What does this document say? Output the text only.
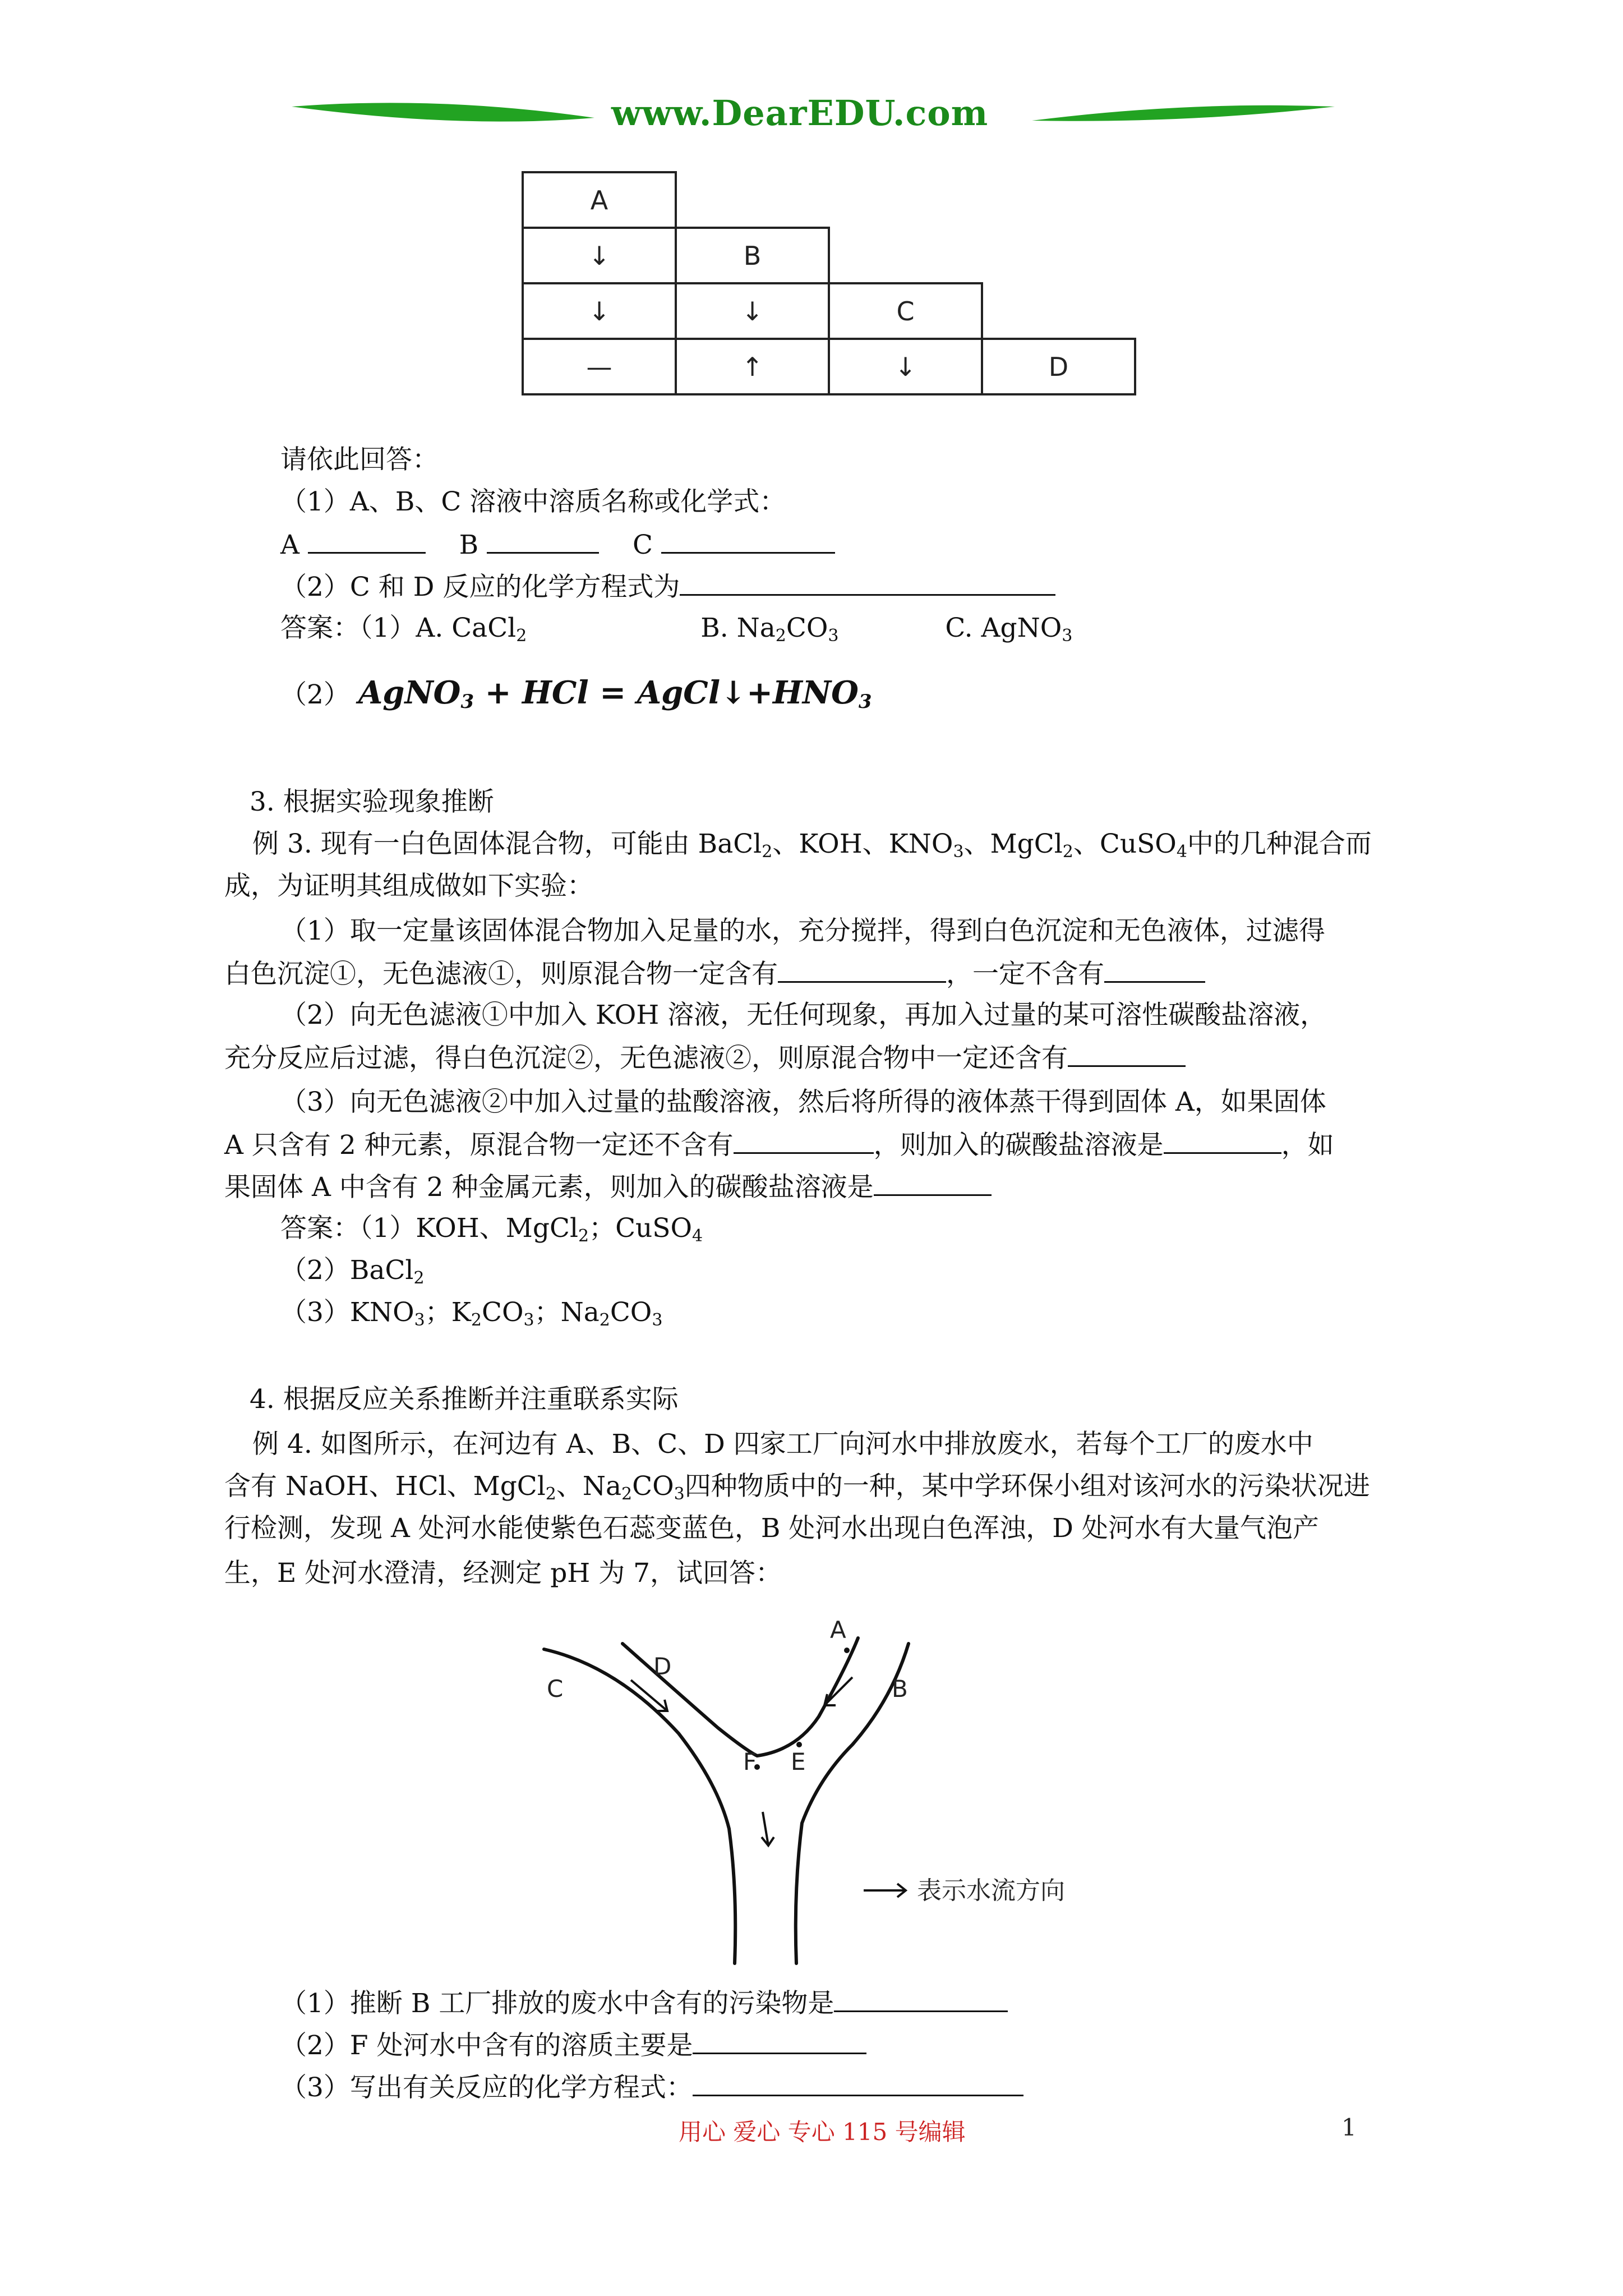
www.DearEDU.com
A			
↓	B		
↓	↓	C	
—	↑	↓	D
请依此回答：
（1）A、B、C 溶液中溶质名称或化学式：
A	B	C
（2）C 和 D 反应的化学方程式为
答案：（1）A. CaCl$_2$	B. $Na_2CO_3$	C. AgNO$_3$
（2） AgNO$_3$ + HCl = $AgCl↓+HNO_3$
3. 根据实验现象推断
例 3. 现有一白色固体混合物，可能由 BaCl$_2$、KOH、$KNO_3$、MgCl$_2$、CuSO$_4$中的几种混合而
成，为证明其组成做如下实验：
（1）取一定量该固体混合物加入足量的水，充分搅拌，得到白色沉淀和无色液体，过滤得
白色沉淀①，无色滤液①，则原混合物一定含有	，一定不含有
（2）向无色滤液①中加入 KOH 溶液，无任何现象，再加入过量的某可溶性碳酸盐溶液，
充分反应后过滤，得白色沉淀②，无色滤液②，则原混合物中一定还含有
（3）向无色滤液②中加入过量的盐酸溶液，然后将所得的液体蒸干得到固体 A，如果固体
A 只含有 2 种元素，原混合物一定还不含有	，则加入的碳酸盐溶液是	，如
果固体 A 中含有 2 种金属元素，则加入的碳酸盐溶液是
答案：（1）KOH、MgCl$_2$；CuSO$_4$
（2）BaCl$_2$
$(3)KNO_3$；$K_2CO_3$；$Na_2CO_3$
4. 根据反应关系推断并注重联系实际
例 4. 如图所示，在河边有 A、B、C、D 四家工厂向河水中排放废水，若每个工厂的废水中
含有 NaOH、HCl、MgCl$_2$、$Na_2CO_3$四种物质中的一种，某中学环保小组对该河水的污染状况进
行检测，发现 A 处河水能使紫色石蕊变蓝色，B 处河水出现白色浑浊，D 处河水有大量气泡产
生，E 处河水澄清，经测定 pH 为 7，试回答：
A
B
C
D
E
F
表示水流方向
（1）推断 B 工厂排放的废水中含有的污染物是
（2）F 处河水中含有的溶质主要是
（3）写出有关反应的化学方程式：
用心 爱心 专心 115 号编辑	1
